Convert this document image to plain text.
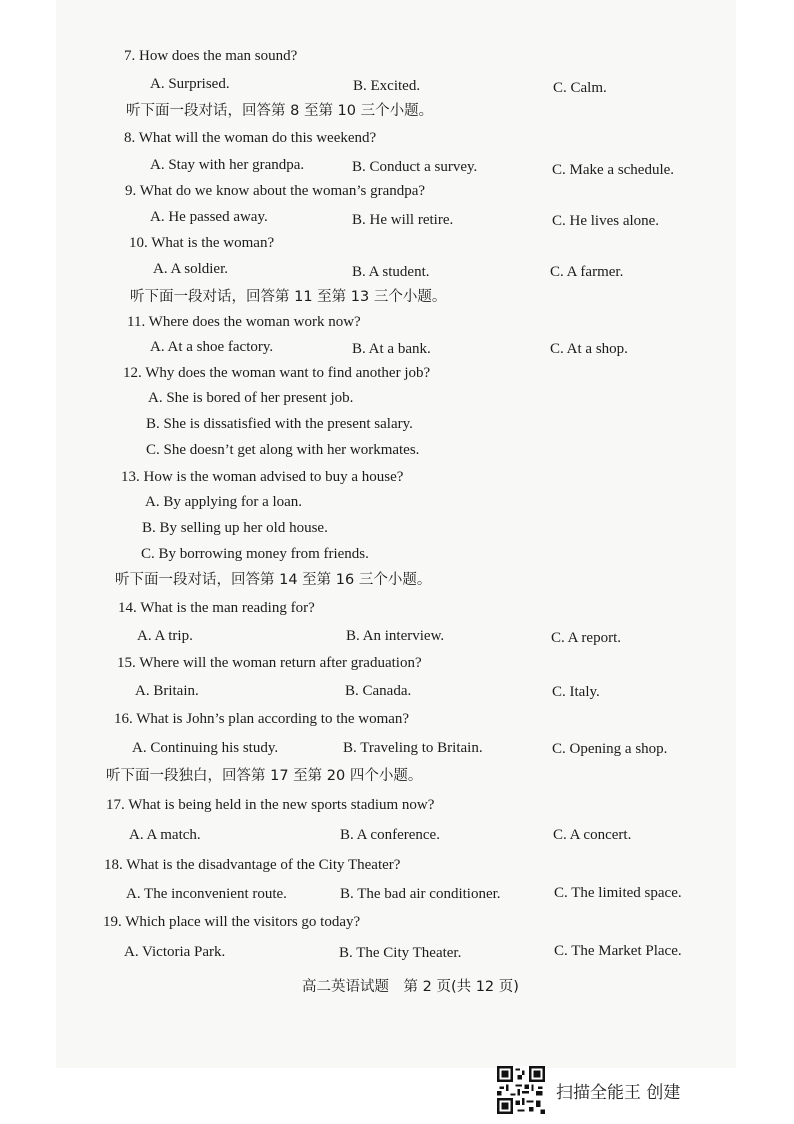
7. How does the man sound?
A. Surprised.	B. Excited.	C. Calm.
听下面一段对话，回答第 8 至第 10 三个小题。
8. What will the woman do this weekend?
A. Stay with her grandpa.	B. Conduct a survey.	C. Make a schedule.
9. What do we know about the woman’s grandpa?
A. He passed away.	B. He will retire.	C. He lives alone.
10. What is the woman?
A. A soldier.	B. A student.	C. A farmer.
听下面一段对话，回答第 11 至第 13 三个小题。
11. Where does the woman work now?
A. At a shoe factory.	B. At a bank.	C. At a shop.
12. Why does the woman want to find another job?
A. She is bored of her present job.
B. She is dissatisfied with the present salary.
C. She doesn’t get along with her workmates.
13. How is the woman advised to buy a house?
A. By applying for a loan.
B. By selling up her old house.
C. By borrowing money from friends.
听下面一段对话，回答第 14 至第 16 三个小题。
14. What is the man reading for?
A. A trip.	B. An interview.	C. A report.
15. Where will the woman return after graduation?
A. Britain.	B. Canada.	C. Italy.
16. What is John’s plan according to the woman?
A. Continuing his study.	B. Traveling to Britain.	C. Opening a shop.
听下面一段独白，回答第 17 至第 20 四个小题。
17. What is being held in the new sports stadium now?
A. A match.	B. A conference.	C. A concert.
18. What is the disadvantage of the City Theater?
A. The inconvenient route.	B. The bad air conditioner.	C. The limited space.
19. Which place will the visitors go today?
A. Victoria Park.	B. The City Theater.	C. The Market Place.
高二英语试题　第 2 页(共 12 页)
扫描全能王 创建
